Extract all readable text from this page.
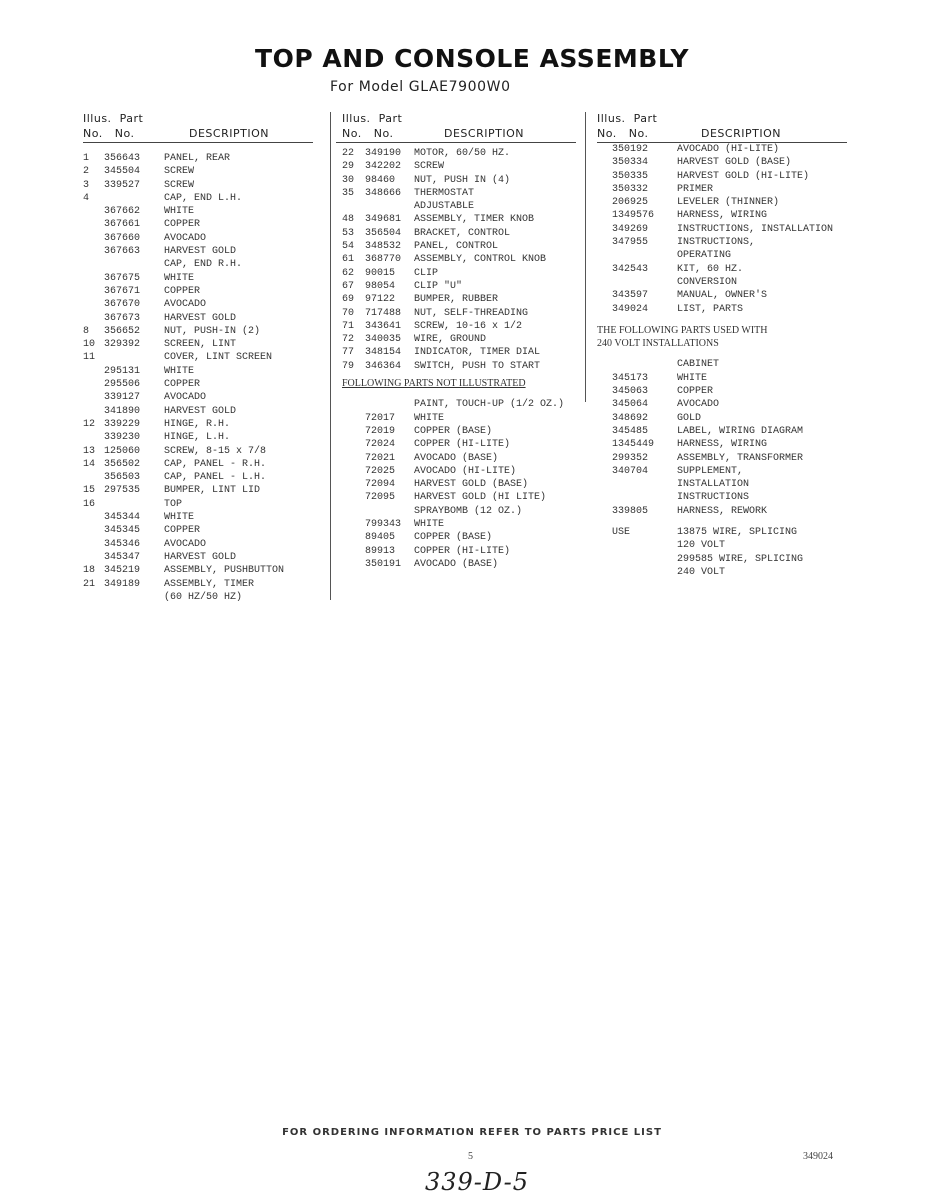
TOP AND CONSOLE ASSEMBLY
For Model GLAE7900W0
Illus. Part
No. No.	DESCRIPTION
1 356643 PANEL, REAR
2 345504 SCREW
3 339527 SCREW
4	CAP, END L.H.
367662 WHITE
367661 COPPER
367660 AVOCADO
367663 HARVEST GOLD
CAP, END R.H.
367675 WHITE
367671 COPPER
367670 AVOCADO
367673 HARVEST GOLD
8 356652 NUT, PUSH-IN (2)
10 329392 SCREEN, LINT
11	COVER, LINT SCREEN
295131 WHITE
295506 COPPER
339127 AVOCADO
341890 HARVEST GOLD
12 339229 HINGE, R.H.
339230 HINGE, L.H.
13 125060 SCREW, 8-15 x 7/8
14 356502 CAP, PANEL - R.H.
356503 CAP, PANEL - L.H.
15 297535 BUMPER, LINT LID
16	TOP
345344 WHITE
345345 COPPER
345346 AVOCADO
345347 HARVEST GOLD
18 345219 ASSEMBLY, PUSHBUTTON
21 349189 ASSEMBLY, TIMER
(60 HZ/50 HZ)
Illus. Part
No. No.	DESCRIPTION
22 349190 MOTOR, 60/50 HZ.
29 342202 SCREW
30 98460 NUT, PUSH IN (4)
35 348666 THERMOSTAT
ADJUSTABLE
48 349681 ASSEMBLY, TIMER KNOB
53 356504 BRACKET, CONTROL
54 348532 PANEL, CONTROL
61 368770 ASSEMBLY, CONTROL KNOB
62 90015 CLIP
67 98054 CLIP "U"
69 97122 BUMPER, RUBBER
70 717488 NUT, SELF-THREADING
71 343641 SCREW, 10-16 x 1/2
72 340035 WIRE, GROUND
77 348154 INDICATOR, TIMER DIAL
79 346364 SWITCH, PUSH TO START
FOLLOWING PARTS NOT ILLUSTRATED
PAINT, TOUCH-UP (1/2 OZ.)
72017 WHITE
72019 COPPER (BASE)
72024 COPPER (HI-LITE)
72021 AVOCADO (BASE)
72025 AVOCADO (HI-LITE)
72094 HARVEST GOLD (BASE)
72095 HARVEST GOLD (HI LITE)
SPRAYBOMB (12 OZ.)
799343 WHITE
89405 COPPER (BASE)
89913 COPPER (HI-LITE)
350191 AVOCADO (BASE)
Illus. Part
No. No.	DESCRIPTION
350192	AVOCADO (HI-LITE)
350334	HARVEST GOLD (BASE)
350335	HARVEST GOLD (HI-LITE)
350332	PRIMER
206925	LEVELER (THINNER)
1349576 HARNESS, WIRING
349269	INSTRUCTIONS, INSTALLATION
347955	INSTRUCTIONS,
OPERATING
342543	KIT, 60 HZ.
CONVERSION
343597	MANUAL, OWNER'S
349024	LIST, PARTS
THE FOLLOWING PARTS USED WITH
240 VOLT INSTALLATIONS
CABINET
345173	WHITE
345063	COPPER
345064	AVOCADO
348692	GOLD
345485	LABEL, WIRING DIAGRAM
1345449 HARNESS, WIRING
299352	ASSEMBLY, TRANSFORMER
340704	SUPPLEMENT,
INSTALLATION
INSTRUCTIONS
339805	HARNESS, REWORK
USE	13875 WIRE, SPLICING
120 VOLT
299585 WIRE, SPLICING
240 VOLT
FOR ORDERING INFORMATION REFER TO PARTS PRICE LIST
5	349024
339-D-5
